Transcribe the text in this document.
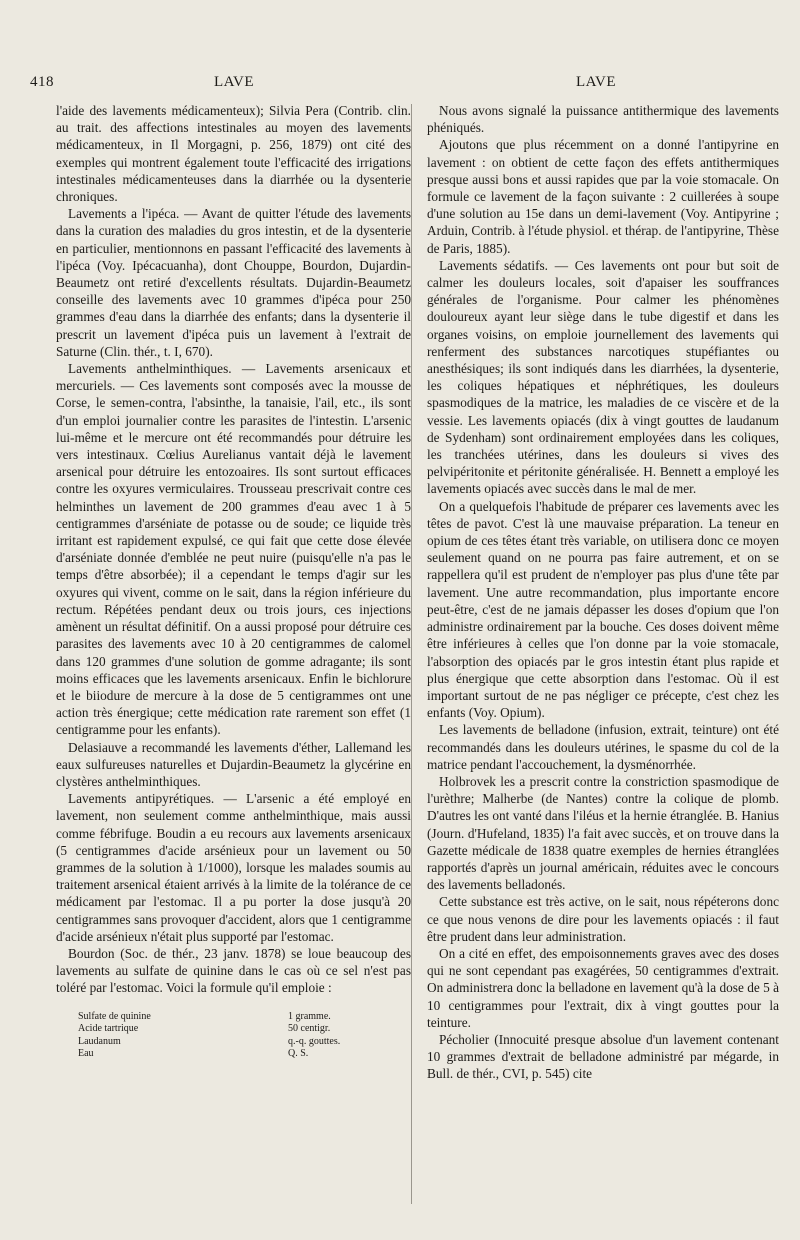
418	LAVE	LAVE

l'aide des lavements médicamenteux); Silvia Pera (Contrib. clin. au trait. des affections intestinales au moyen des lavements médicamenteux, in Il Morgagni, p. 256, 1879) ont cité des exemples qui montrent également toute l'efficacité des irrigations intestinales médicamenteuses dans la diarrhée ou la dysenterie chroniques.

Lavements a l'ipéca. — Avant de quitter l'étude des lavements dans la curation des maladies du gros intestin, et de la dysenterie en particulier, mentionnons en passant l'efficacité des lavements à l'ipéca (Voy. Ipécacuanha), dont Chouppe, Bourdon, Dujardin-Beaumetz ont retiré d'excellents résultats. Dujardin-Beaumetz conseille des lavements avec 10 grammes d'ipéca pour 250 grammes d'eau dans la diarrhée des enfants; dans la dysenterie il prescrit un lavement d'ipéca puis un lavement à l'extrait de Saturne (Clin. thér., t. I, 670).

Lavements anthelminthiques. — Lavements arsenicaux et mercuriels. — Ces lavements sont composés avec la mousse de Corse, le semen-contra, l'absinthe, la tanaisie, l'ail, etc., ils sont d'un emploi journalier contre les parasites de l'intestin. L'arsenic lui-même et le mercure ont été recommandés pour détruire les vers intestinaux. Cœlius Aurelianus vantait déjà le lavement arsenical pour détruire les entozoaires. Ils sont surtout efficaces contre les oxyures vermiculaires. Trousseau prescrivait contre ces helminthes un lavement de 200 grammes d'eau avec 1 à 5 centigrammes d'arséniate de potasse ou de soude; ce liquide très irritant est rapidement expulsé, ce qui fait que cette dose élevée d'arséniate donnée d'emblée ne peut nuire (puisqu'elle n'a pas le temps d'être absorbée); il a cependant le temps d'agir sur les oxyures qui vivent, comme on le sait, dans la région inférieure du rectum. Répétées pendant deux ou trois jours, ces injections amènent un résultat définitif. On a aussi proposé pour détruire ces parasites des lavements avec 10 à 20 centigrammes de calomel dans 120 grammes d'une solution de gomme adragante; ils sont moins efficaces que les lavements arsenicaux. Enfin le bichlorure et le biiodure de mercure à la dose de 5 centigrammes ont une action très énergique; cette médication rate rarement son effet (1 centigramme pour les enfants).

Delasiauve a recommandé les lavements d'éther, Lallemand les eaux sulfureuses naturelles et Dujardin-Beaumetz la glycérine en clystères anthelminthiques.

Lavements antipyrétiques. — L'arsenic a été employé en lavement, non seulement comme anthelminthique, mais aussi comme fébrifuge. Boudin a eu recours aux lavements arsenicaux (5 centigrammes d'acide arsénieux pour un lavement ou 50 grammes de la solution à 1/1000), lorsque les malades soumis au traitement arsenical étaient arrivés à la limite de la tolérance de ce médicament par l'estomac. Il a pu porter la dose jusqu'à 20 centigrammes sans provoquer d'accident, alors que 1 centigramme d'acide arsénieux n'était plus supporté par l'estomac.

Bourdon (Soc. de thér., 23 janv. 1878) se loue beaucoup des lavements au sulfate de quinine dans le cas où ce sel n'est pas toléré par l'estomac. Voici la formule qu'il emploie :

Sulfate de quinine	1 gramme.
Acide tartrique	50 centigr.
Laudanum	q.-q. gouttes.
Eau	Q. S.

Nous avons signalé la puissance antithermique des lavements phéniqués.

Ajoutons que plus récemment on a donné l'antipyrine en lavement : on obtient de cette façon des effets antithermiques presque aussi bons et aussi rapides que par la voie stomacale. On formule ce lavement de la façon suivante : 2 cuillerées à soupe d'une solution au 15e dans un demi-lavement (Voy. Antipyrine ; Arduin, Contrib. à l'étude physiol. et thérap. de l'antipyrine, Thèse de Paris, 1885).

Lavements sédatifs. — Ces lavements ont pour but soit de calmer les douleurs locales, soit d'apaiser les souffrances générales de l'organisme. Pour calmer les phénomènes douloureux ayant leur siège dans le tube digestif et dans les organes voisins, on emploie journellement des lavements qui renferment des substances narcotiques stupéfiantes ou anesthésiques; ils sont indiqués dans les diarrhées, la dysenterie, les coliques hépatiques et néphrétiques, les douleurs spasmodiques de la matrice, les maladies de ce viscère et de la vessie. Les lavements opiacés (dix à vingt gouttes de laudanum de Sydenham) sont ordinairement employées dans les coliques, les tranchées utérines, dans les douleurs si vives des pelvipéritonite et péritonite généralisée. H. Bennett a employé les lavements opiacés avec succès dans le mal de mer.

On a quelquefois l'habitude de préparer ces lavements avec les têtes de pavot. C'est là une mauvaise préparation. La teneur en opium de ces têtes étant très variable, on utilisera donc ce moyen seulement quand on ne pourra pas faire autrement, et on se rappellera qu'il est prudent de n'employer pas plus d'une tête par lavement. Une autre recommandation, plus importante encore peut-être, c'est de ne jamais dépasser les doses d'opium que l'on administre ordinairement par la bouche. Ces doses doivent même être inférieures à celles que l'on donne par la voie stomacale, l'absorption des opiacés par le gros intestin étant plus rapide et plus énergique que cette absorption dans l'estomac. Où il est important surtout de ne pas négliger ce précepte, c'est chez les enfants (Voy. Opium).

Les lavements de belladone (infusion, extrait, teinture) ont été recommandés dans les douleurs utérines, le spasme du col de la matrice pendant l'accouchement, la dysménorrhée.

Holbrovek les a prescrit contre la constriction spasmodique de l'urèthre; Malherbe (de Nantes) contre la colique de plomb. D'autres les ont vanté dans l'iléus et la hernie étranglée. B. Hanius (Journ. d'Hufeland, 1835) l'a fait avec succès, et on trouve dans la Gazette médicale de 1838 quatre exemples de hernies étranglées rapportés d'après un journal américain, réduites avec le concours des lavements belladonés.

Cette substance est très active, on le sait, nous répéterons donc ce que nous venons de dire pour les lavements opiacés : il faut être prudent dans leur administration.

On a cité en effet, des empoisonnements graves avec des doses qui ne sont cependant pas exagérées, 50 centigrammes d'extrait. On administrera donc la belladone en lavement qu'à la dose de 5 à 10 centigrammes pour l'extrait, dix à vingt gouttes pour la teinture.

Pécholier (Innocuité presque absolue d'un lavement contenant 10 grammes d'extrait de belladone administré par mégarde, in Bull. de thér., CVI, p. 545) cite
